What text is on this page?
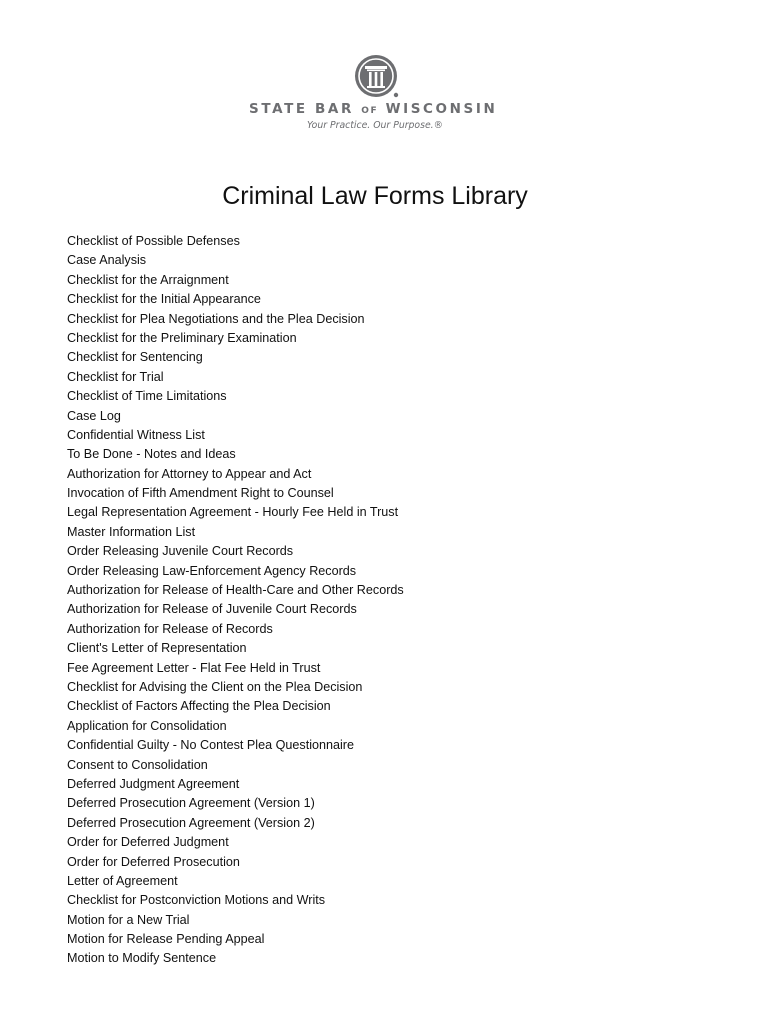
STATE BAR OF WISCONSIN
Your Practice. Our Purpose.®
Criminal Law Forms Library
Checklist of Possible Defenses
Case Analysis
Checklist for the Arraignment
Checklist for the Initial Appearance
Checklist for Plea Negotiations and the Plea Decision
Checklist for the Preliminary Examination
Checklist for Sentencing
Checklist for Trial
Checklist of Time Limitations
Case Log
Confidential Witness List
To Be Done - Notes and Ideas
Authorization for Attorney to Appear and Act
Invocation of Fifth Amendment Right to Counsel
Legal Representation Agreement - Hourly Fee Held in Trust
Master Information List
Order Releasing Juvenile Court Records
Order Releasing Law-Enforcement Agency Records
Authorization for Release of Health-Care and Other Records
Authorization for Release of Juvenile Court Records
Authorization for Release of Records
Client's Letter of Representation
Fee Agreement Letter - Flat Fee Held in Trust
Checklist for Advising the Client on the Plea Decision
Checklist of Factors Affecting the Plea Decision
Application for Consolidation
Confidential Guilty - No Contest Plea Questionnaire
Consent to Consolidation
Deferred Judgment Agreement
Deferred Prosecution Agreement (Version 1)
Deferred Prosecution Agreement (Version 2)
Order for Deferred Judgment
Order for Deferred Prosecution
Letter of Agreement
Checklist for Postconviction Motions and Writs
Motion for a New Trial
Motion for Release Pending Appeal
Motion to Modify Sentence
